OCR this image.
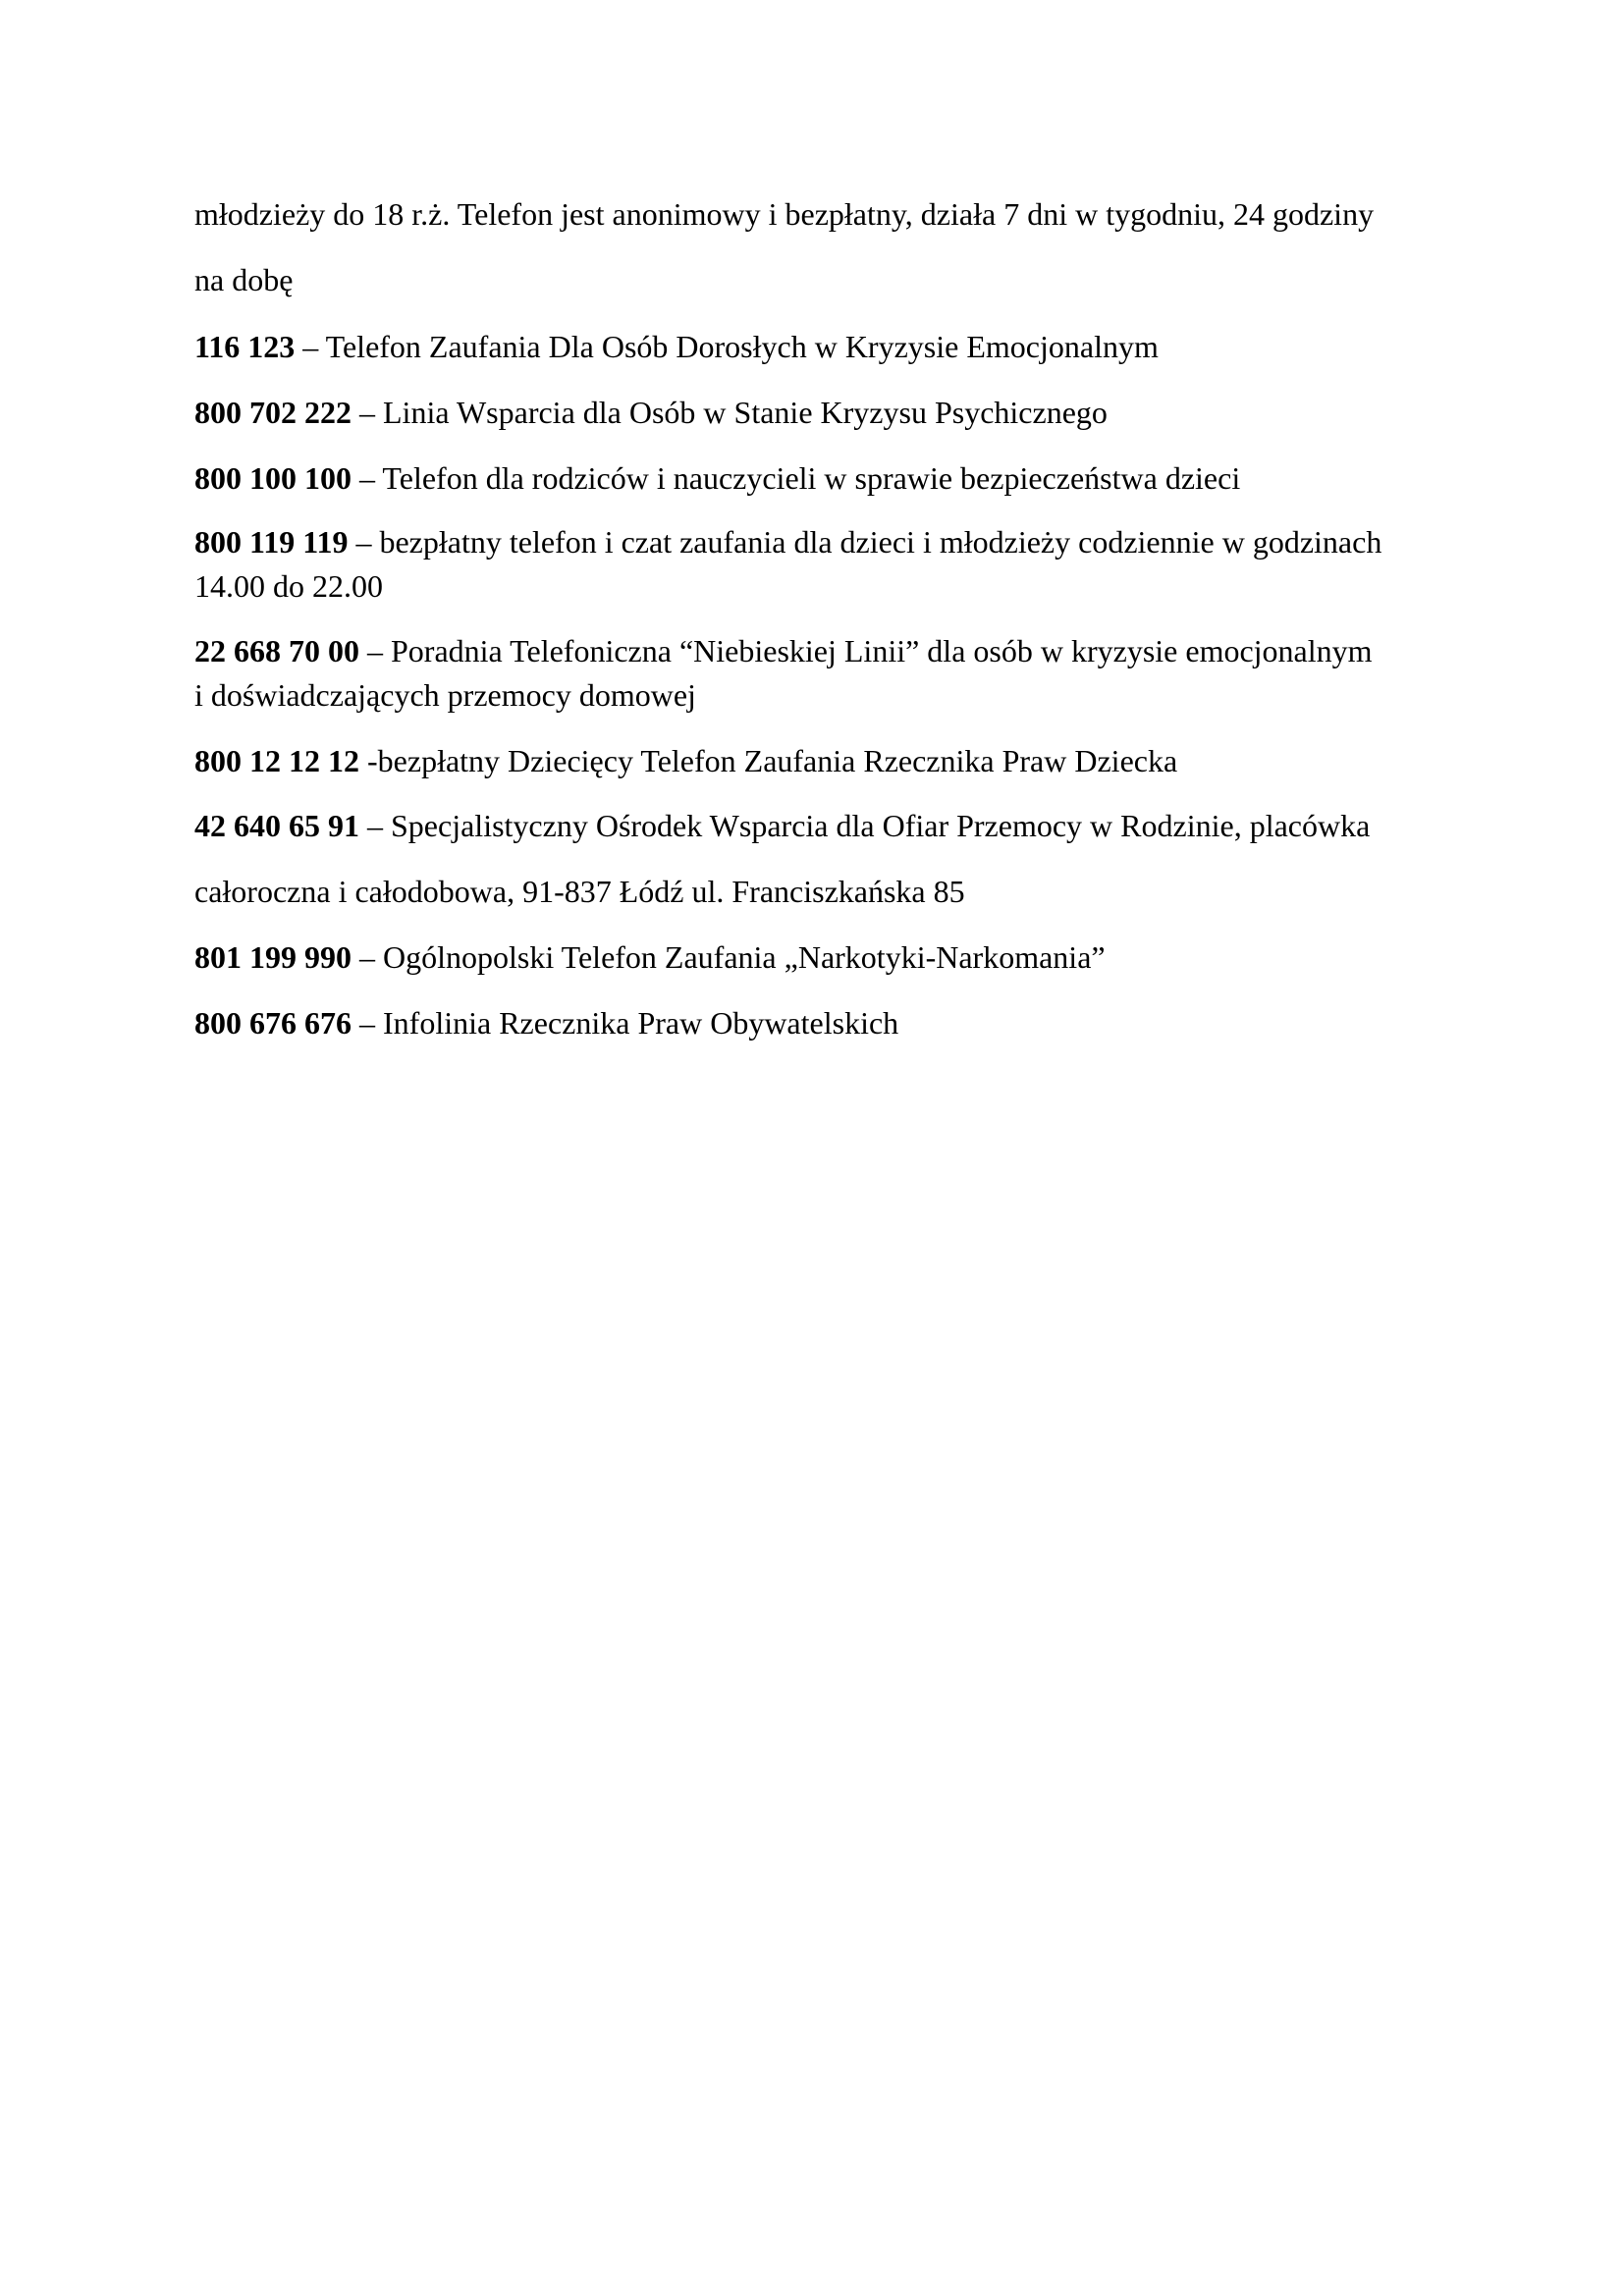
młodzieży do 18 r.ż. Telefon jest anonimowy i bezpłatny, działa 7 dni w tygodniu, 24 godziny
na dobę
116 123 – Telefon Zaufania Dla Osób Dorosłych w Kryzysie Emocjonalnym
800 702 222 – Linia Wsparcia dla Osób w Stanie Kryzysu Psychicznego
800 100 100 – Telefon dla rodziców i nauczycieli w sprawie bezpieczeństwa dzieci
800 119 119 – bezpłatny telefon i czat zaufania dla dzieci i młodzieży codziennie w godzinach
14.00 do 22.00
22 668 70 00 – Poradnia Telefoniczna “Niebieskiej Linii” dla osób w kryzysie emocjonalnym
i doświadczających przemocy domowej
800 12 12 12 -bezpłatny Dziecięcy Telefon Zaufania Rzecznika Praw Dziecka
42 640 65 91 – Specjalistyczny Ośrodek Wsparcia dla Ofiar Przemocy w Rodzinie, placówka
całoroczna i całodobowa, 91-837 Łódź ul. Franciszkańska 85
801 199 990 – Ogólnopolski Telefon Zaufania „Narkotyki-Narkomania”
800 676 676 – Infolinia Rzecznika Praw Obywatelskich
